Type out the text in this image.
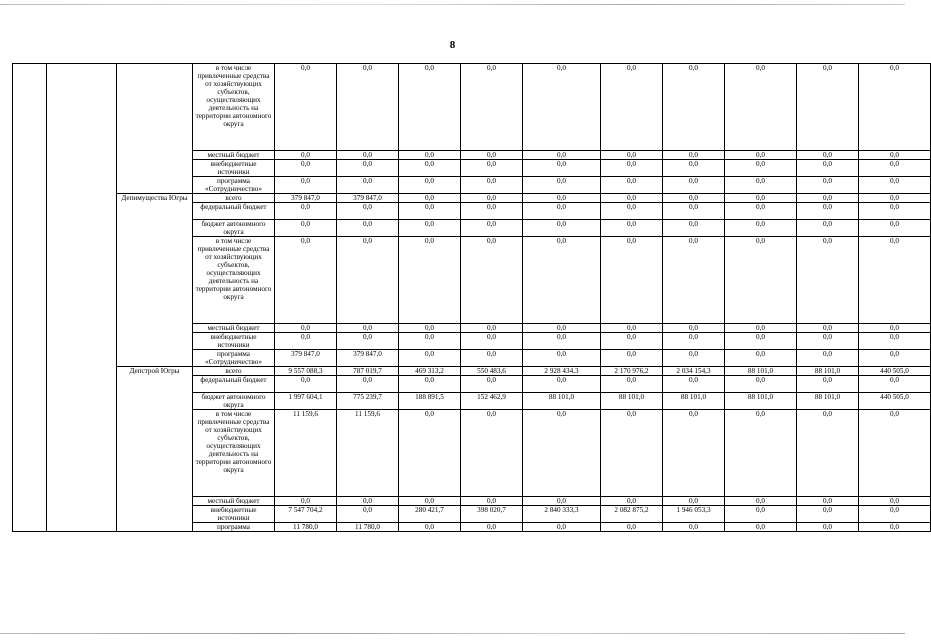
8
			в том числе привлеченные средства от хозяйствующих субъектов, осуществляющих деятельность на территории автономного округа	0,0	0,0	0,0	0,0	0,0	0,0	0,0	0,0	0,0	0,0
			местный бюджет	0,0	0,0	0,0	0,0	0,0	0,0	0,0	0,0	0,0	0,0
			внебюджетные источники	0,0	0,0	0,0	0,0	0,0	0,0	0,0	0,0	0,0	0,0
			программа «Сотрудничество»	0,0	0,0	0,0	0,0	0,0	0,0	0,0	0,0	0,0	0,0
		Депимущества Югры	всего	379 847,0	379 847,0	0,0	0,0	0,0	0,0	0,0	0,0	0,0	0,0
			федеральный бюджет	0,0	0,0	0,0	0,0	0,0	0,0	0,0	0,0	0,0	0,0
			бюджет автономного округа	0,0	0,0	0,0	0,0	0,0	0,0	0,0	0,0	0,0	0,0
			в том числе привлеченные средства от хозяйствующих субъектов, осуществляющих деятельность на территории автономного округа	0,0	0,0	0,0	0,0	0,0	0,0	0,0	0,0	0,0	0,0
			местный бюджет	0,0	0,0	0,0	0,0	0,0	0,0	0,0	0,0	0,0	0,0
			внебюджетные источники	0,0	0,0	0,0	0,0	0,0	0,0	0,0	0,0	0,0	0,0
			программа «Сотрудничество»	379 847,0	379 847,0	0,0	0,0	0,0	0,0	0,0	0,0	0,0	0,0
		Депстрой Югры	всего	9 557 088,3	787 019,7	469 313,2	550 483,6	2 928 434,3	2 170 976,2	2 034 154,3	88 101,0	88 101,0	440 505,0
			федеральный бюджет	0,0	0,0	0,0	0,0	0,0	0,0	0,0	0,0	0,0	0,0
			бюджет автономного округа	1 997 604,1	775 239,7	188 891,5	152 462,9	88 101,0	88 101,0	88 101,0	88 101,0	88 101,0	440 505,0
			в том числе привлеченные средства от хозяйствующих субъектов, осуществляющих деятельность на территории автономного округа	11 159,6	11 159,6	0,0	0,0	0,0	0,0	0,0	0,0	0,0	0,0
			местный бюджет	0,0	0,0	0,0	0,0	0,0	0,0	0,0	0,0	0,0	0,0
			внебюджетные источники	7 547 704,2	0,0	280 421,7	398 020,7	2 840 333,3	2 082 875,2	1 946 053,3	0,0	0,0	0,0
			программа	11 780,0	11 780,0	0,0	0,0	0,0	0,0	0,0	0,0	0,0	0,0
